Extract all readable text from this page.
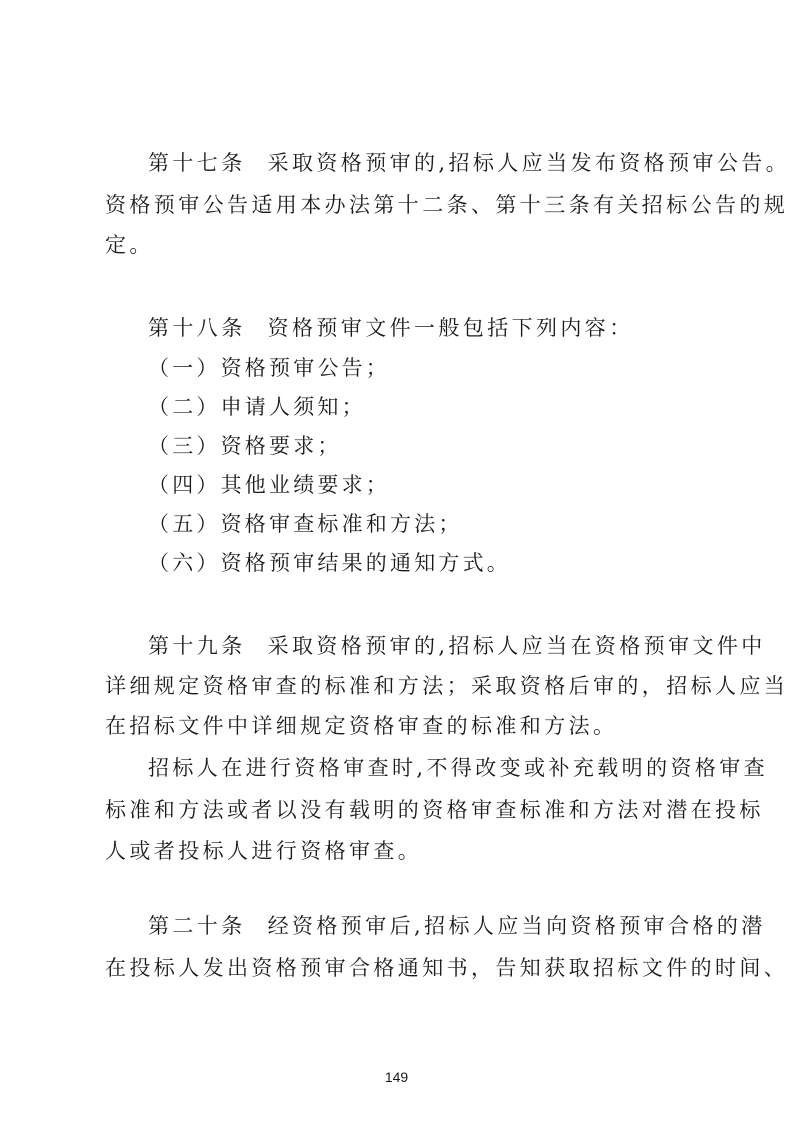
第十七条 采取资格预审的,招标人应当发布资格预审公告。
资格预审公告适用本办法第十二条、第十三条有关招标公告的规
定。
第十八条 资格预审文件一般包括下列内容：
（一）资格预审公告；
（二）申请人须知；
（三）资格要求；
（四）其他业绩要求；
（五）资格审查标准和方法；
（六）资格预审结果的通知方式。
第十九条 采取资格预审的,招标人应当在资格预审文件中
详细规定资格审查的标准和方法；采取资格后审的，招标人应当
在招标文件中详细规定资格审查的标准和方法。
招标人在进行资格审查时,不得改变或补充载明的资格审查
标准和方法或者以没有载明的资格审查标准和方法对潜在投标
人或者投标人进行资格审查。
第二十条 经资格预审后,招标人应当向资格预审合格的潜
在投标人发出资格预审合格通知书，告知获取招标文件的时间、
149
